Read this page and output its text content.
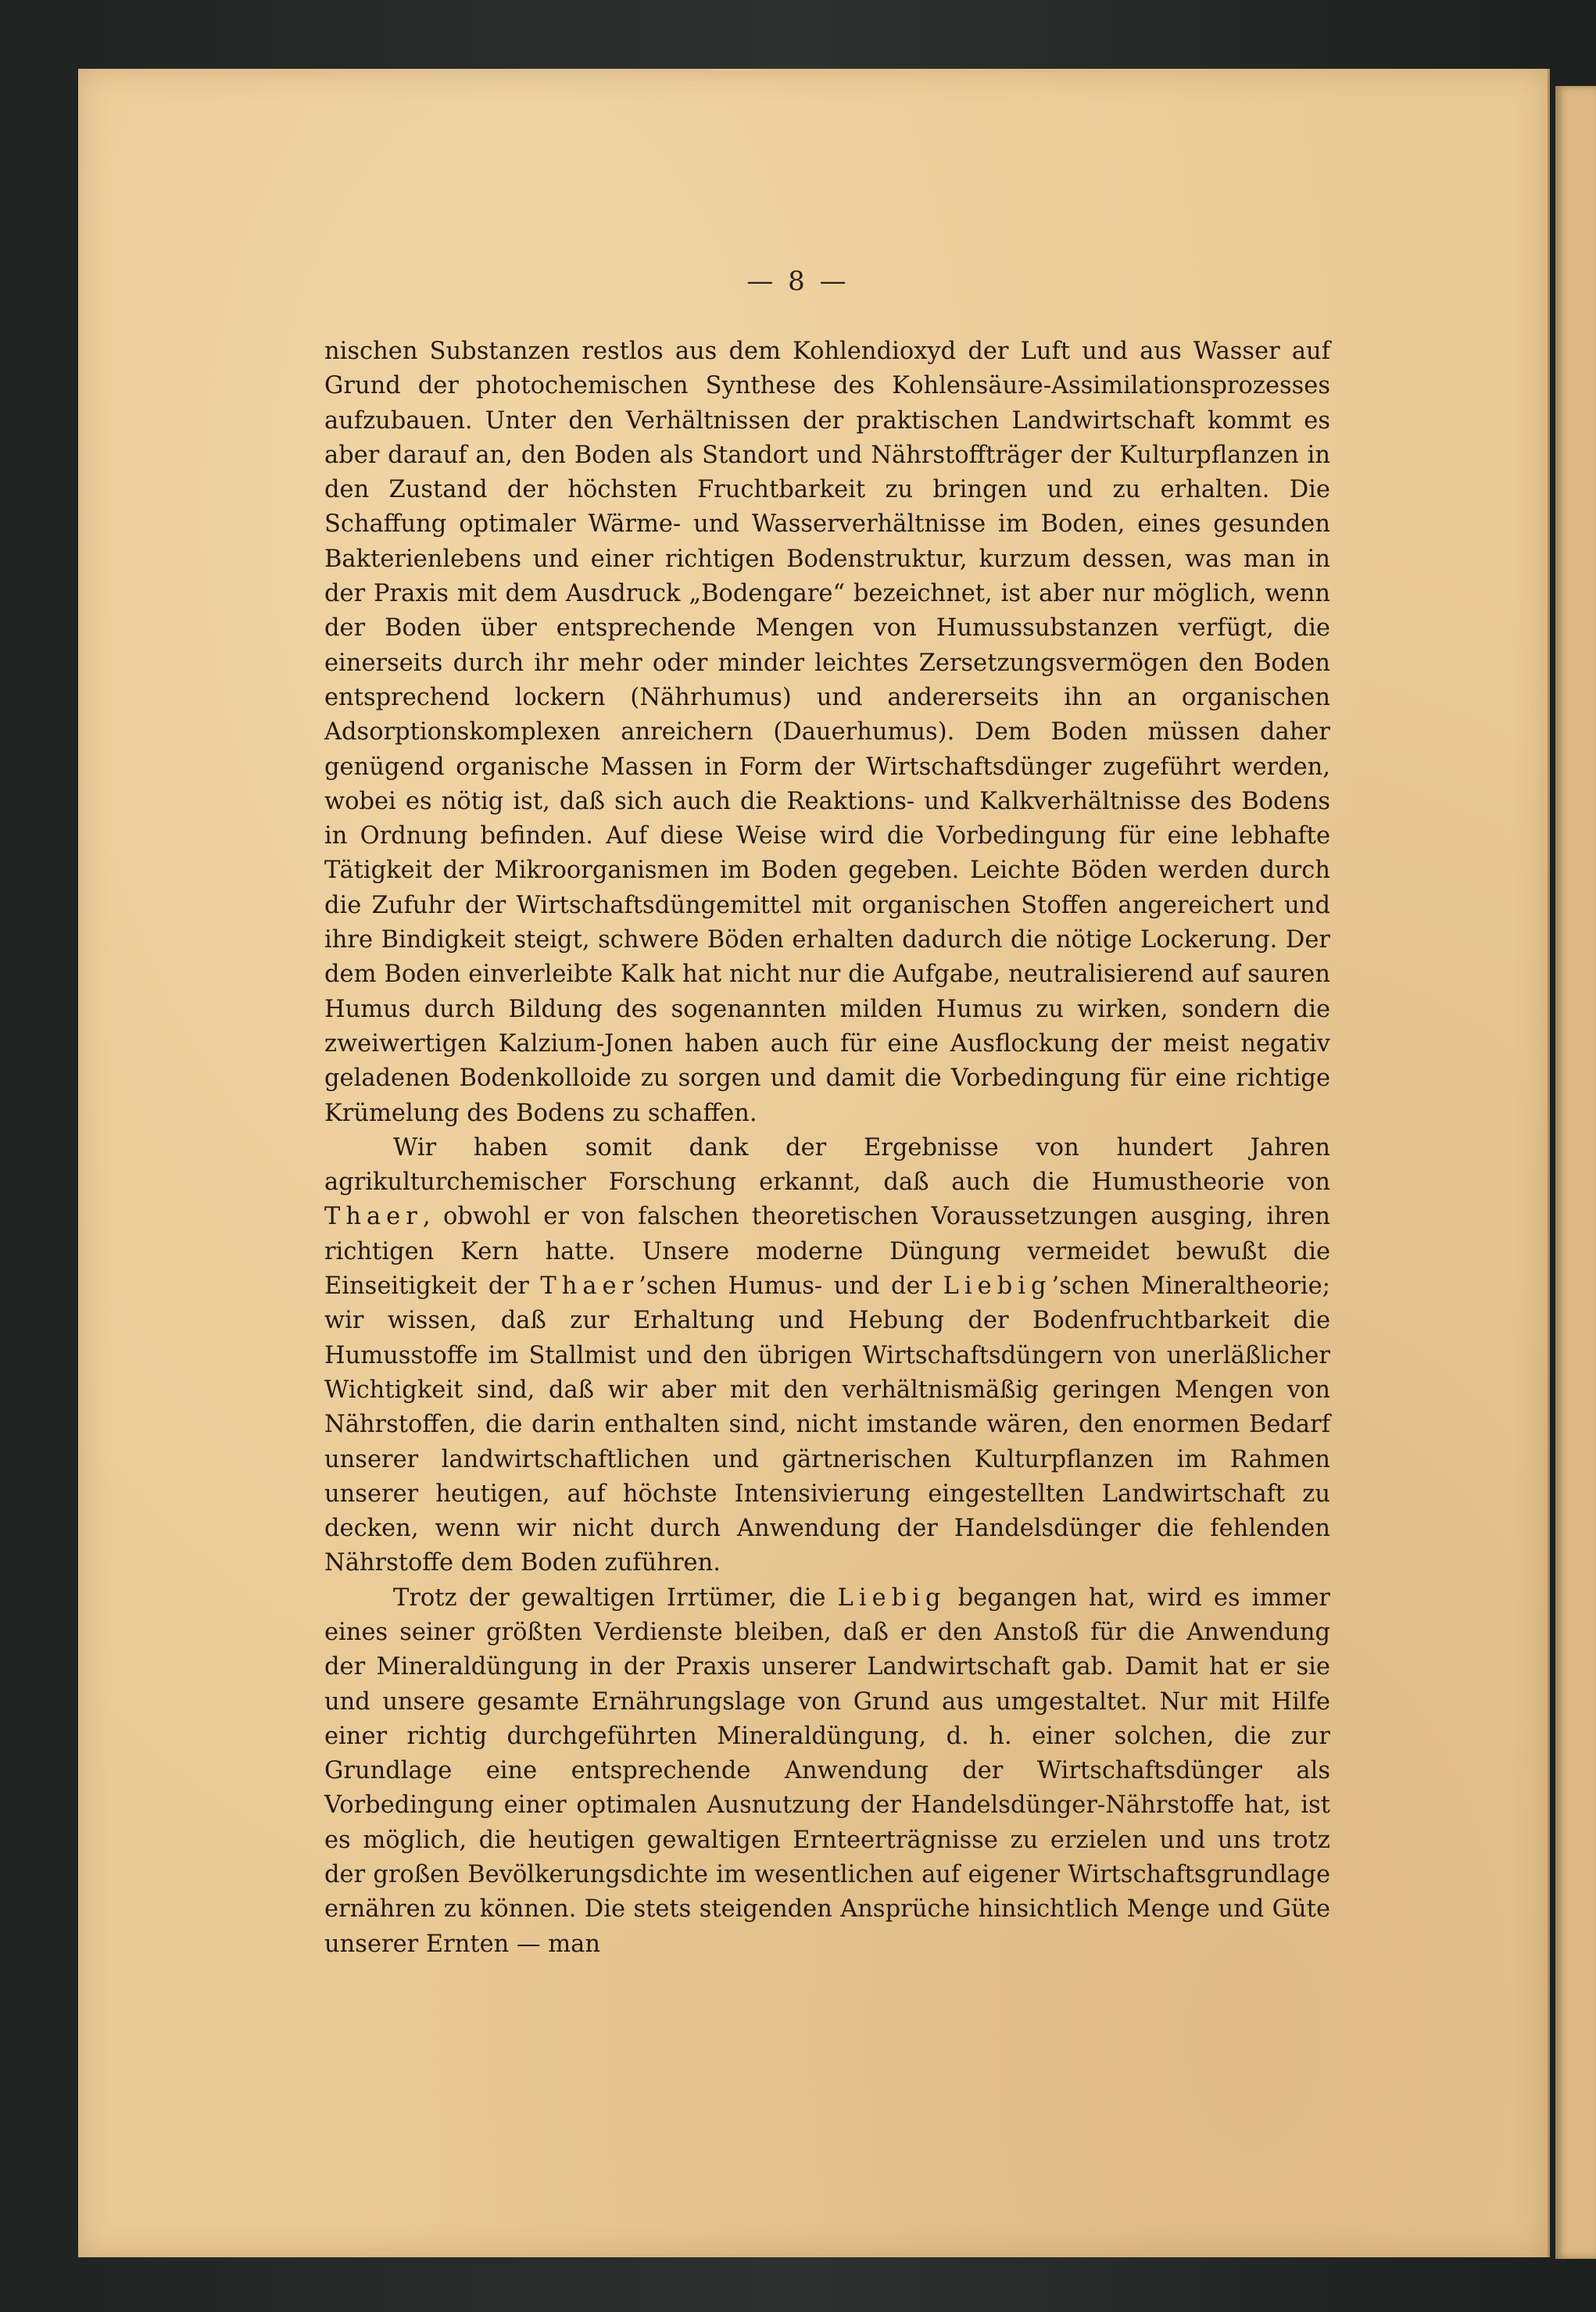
— 8 —

nischen Substanzen restlos aus dem Kohlendioxyd der Luft und aus Wasser auf Grund der photochemischen Synthese des Kohlensäure-Assimilationsprozesses aufzubauen. Unter den Verhältnissen der praktischen Landwirtschaft kommt es aber darauf an, den Boden als Standort und Nährstoffträger der Kulturpflanzen in den Zustand der höchsten Fruchtbarkeit zu bringen und zu erhalten. Die Schaffung optimaler Wärme- und Wasserverhältnisse im Boden, eines gesunden Bakterienlebens und einer richtigen Bodenstruktur, kurzum dessen, was man in der Praxis mit dem Ausdruck „Bodengare“ bezeichnet, ist aber nur möglich, wenn der Boden über entsprechende Mengen von Humussubstanzen verfügt, die einerseits durch ihr mehr oder minder leichtes Zersetzungsvermögen den Boden entsprechend lockern (Nährhumus) und andererseits ihn an organischen Adsorptionskomplexen anreichern (Dauerhumus). Dem Boden müssen daher genügend organische Massen in Form der Wirtschaftsdünger zugeführt werden, wobei es nötig ist, daß sich auch die Reaktions- und Kalkverhältnisse des Bodens in Ordnung befinden. Auf diese Weise wird die Vorbedingung für eine lebhafte Tätigkeit der Mikroorganismen im Boden gegeben. Leichte Böden werden durch die Zufuhr der Wirtschaftsdüngemittel mit organischen Stoffen angereichert und ihre Bindigkeit steigt, schwere Böden erhalten dadurch die nötige Lockerung. Der dem Boden einverleibte Kalk hat nicht nur die Aufgabe, neutralisierend auf sauren Humus durch Bildung des sogenannten milden Humus zu wirken, sondern die zweiwertigen Kalzium-Jonen haben auch für eine Ausflockung der meist negativ geladenen Bodenkolloide zu sorgen und damit die Vorbedingung für eine richtige Krümelung des Bodens zu schaffen.

Wir haben somit dank der Ergebnisse von hundert Jahren agrikulturchemischer Forschung erkannt, daß auch die Humustheorie von Thaer, obwohl er von falschen theoretischen Voraussetzungen ausging, ihren richtigen Kern hatte. Unsere moderne Düngung vermeidet bewußt die Einseitigkeit der Thaer’schen Humus- und der Liebig’schen Mineraltheorie; wir wissen, daß zur Erhaltung und Hebung der Bodenfruchtbarkeit die Humusstoffe im Stallmist und den übrigen Wirtschaftsdüngern von unerläßlicher Wichtigkeit sind, daß wir aber mit den verhältnismäßig geringen Mengen von Nährstoffen, die darin enthalten sind, nicht imstande wären, den enormen Bedarf unserer landwirtschaftlichen und gärtnerischen Kulturpflanzen im Rahmen unserer heutigen, auf höchste Intensivierung eingestellten Landwirtschaft zu decken, wenn wir nicht durch Anwendung der Handelsdünger die fehlenden Nährstoffe dem Boden zuführen.

Trotz der gewaltigen Irrtümer, die Liebig begangen hat, wird es immer eines seiner größten Verdienste bleiben, daß er den Anstoß für die Anwendung der Mineraldüngung in der Praxis unserer Landwirtschaft gab. Damit hat er sie und unsere gesamte Ernährungslage von Grund aus umgestaltet. Nur mit Hilfe einer richtig durchgeführten Mineraldüngung, d. h. einer solchen, die zur Grundlage eine entsprechende Anwendung der Wirtschaftsdünger als Vorbedingung einer optimalen Ausnutzung der Handelsdünger-Nährstoffe hat, ist es möglich, die heutigen gewaltigen Ernteerträgnisse zu erzielen und uns trotz der großen Bevölkerungsdichte im wesentlichen auf eigener Wirtschaftsgrundlage ernähren zu können. Die stets steigenden Ansprüche hinsichtlich Menge und Güte unserer Ernten — man
